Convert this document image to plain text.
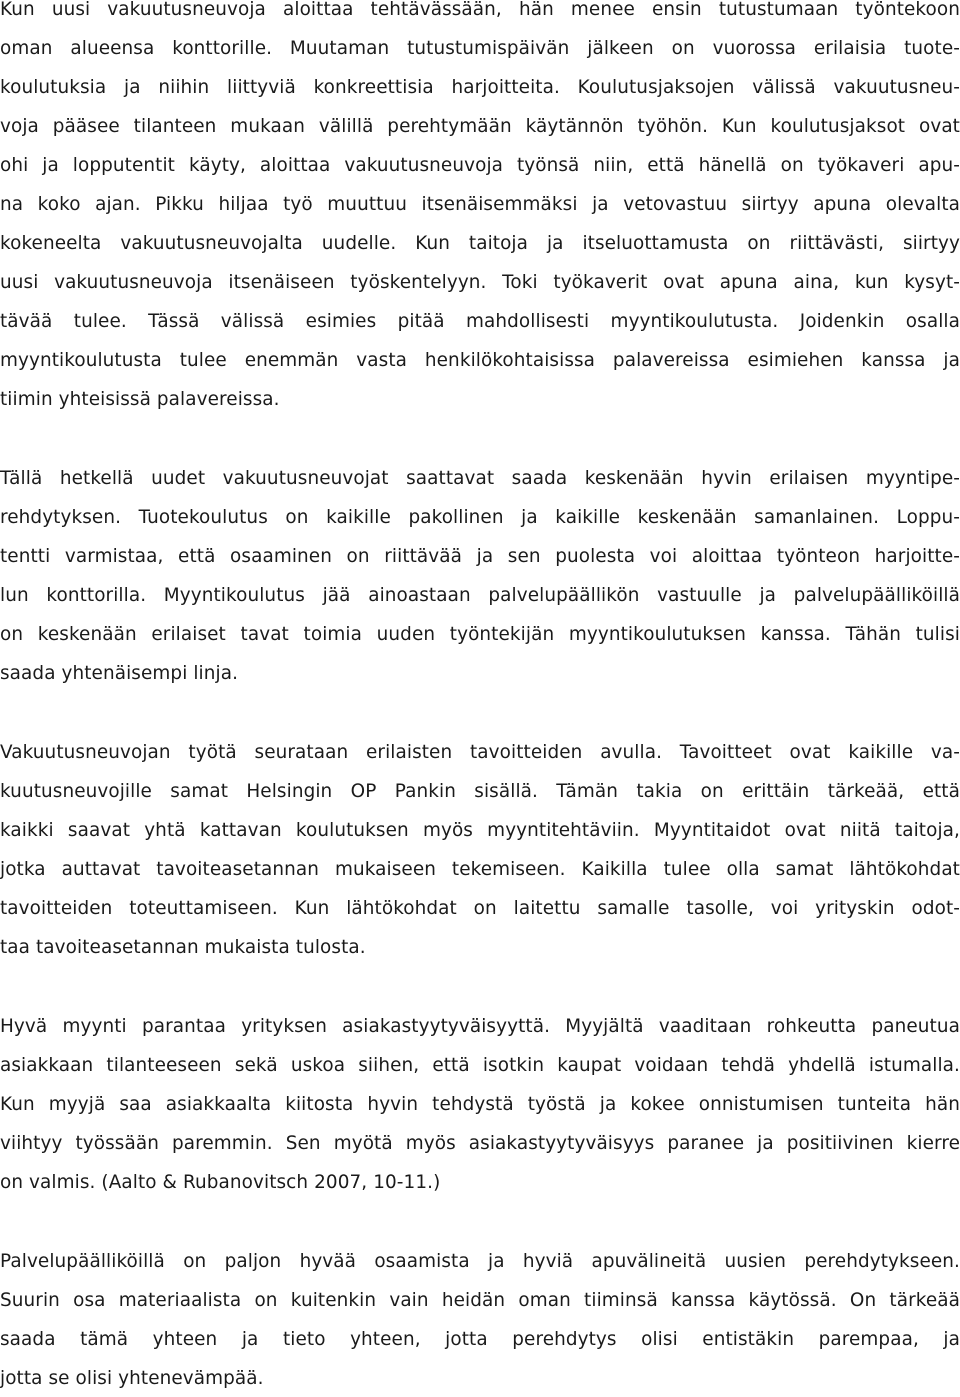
Kun uusi vakuutusneuvoja aloittaa tehtävässään, hän menee ensin tutustumaan työntekoon
oman alueensa konttorille. Muutaman tutustumispäivän jälkeen on vuorossa erilaisia tuote-
koulutuksia ja niihin liittyviä konkreettisia harjoitteita. Koulutusjaksojen välissä vakuutusneu-
voja pääsee tilanteen mukaan välillä perehtymään käytännön työhön. Kun koulutusjaksot ovat
ohi ja lopputentit käyty, aloittaa vakuutusneuvoja työnsä niin, että hänellä on työkaveri apu-
na koko ajan. Pikku hiljaa työ muuttuu itsenäisemmäksi ja vetovastuu siirtyy apuna olevalta
kokeneelta vakuutusneuvojalta uudelle. Kun taitoja ja itseluottamusta on riittävästi, siirtyy
uusi vakuutusneuvoja itsenäiseen työskentelyyn. Toki työkaverit ovat apuna aina, kun kysyt-
tävää tulee. Tässä välissä esimies pitää mahdollisesti myyntikoulutusta. Joidenkin osalla
myyntikoulutusta tulee enemmän vasta henkilökohtaisissa palavereissa esimiehen kanssa ja
tiimin yhteisissä palavereissa.
Tällä hetkellä uudet vakuutusneuvojat saattavat saada keskenään hyvin erilaisen myyntipe-
rehdytyksen. Tuotekoulutus on kaikille pakollinen ja kaikille keskenään samanlainen. Loppu-
tentti varmistaa, että osaaminen on riittävää ja sen puolesta voi aloittaa työnteon harjoitte-
lun konttorilla. Myyntikoulutus jää ainoastaan palvelupäällikön vastuulle ja palvelupäälliköillä
on keskenään erilaiset tavat toimia uuden työntekijän myyntikoulutuksen kanssa. Tähän tulisi
saada yhtenäisempi linja.
Vakuutusneuvojan työtä seurataan erilaisten tavoitteiden avulla. Tavoitteet ovat kaikille va-
kuutusneuvojille samat Helsingin OP Pankin sisällä. Tämän takia on erittäin tärkeää, että
kaikki saavat yhtä kattavan koulutuksen myös myyntitehtäviin. Myyntitaidot ovat niitä taitoja,
jotka auttavat tavoiteasetannan mukaiseen tekemiseen. Kaikilla tulee olla samat lähtökohdat
tavoitteiden toteuttamiseen. Kun lähtökohdat on laitettu samalle tasolle, voi yrityskin odot-
taa tavoiteasetannan mukaista tulosta.
Hyvä myynti parantaa yrityksen asiakastyytyväisyyttä. Myyjältä vaaditaan rohkeutta paneutua
asiakkaan tilanteeseen sekä uskoa siihen, että isotkin kaupat voidaan tehdä yhdellä istumalla.
Kun myyjä saa asiakkaalta kiitosta hyvin tehdystä työstä ja kokee onnistumisen tunteita hän
viihtyy työssään paremmin. Sen myötä myös asiakastyytyväisyys paranee ja positiivinen kierre
on valmis. (Aalto & Rubanovitsch 2007, 10-11.)
Palvelupäälliköillä on paljon hyvää osaamista ja hyviä apuvälineitä uusien perehdytykseen.
Suurin osa materiaalista on kuitenkin vain heidän oman tiiminsä kanssa käytössä. On tärkeää
saada tämä yhteen ja tieto yhteen, jotta perehdytys olisi entistäkin parempaa, ja
jotta se olisi yhtenevämpää.
